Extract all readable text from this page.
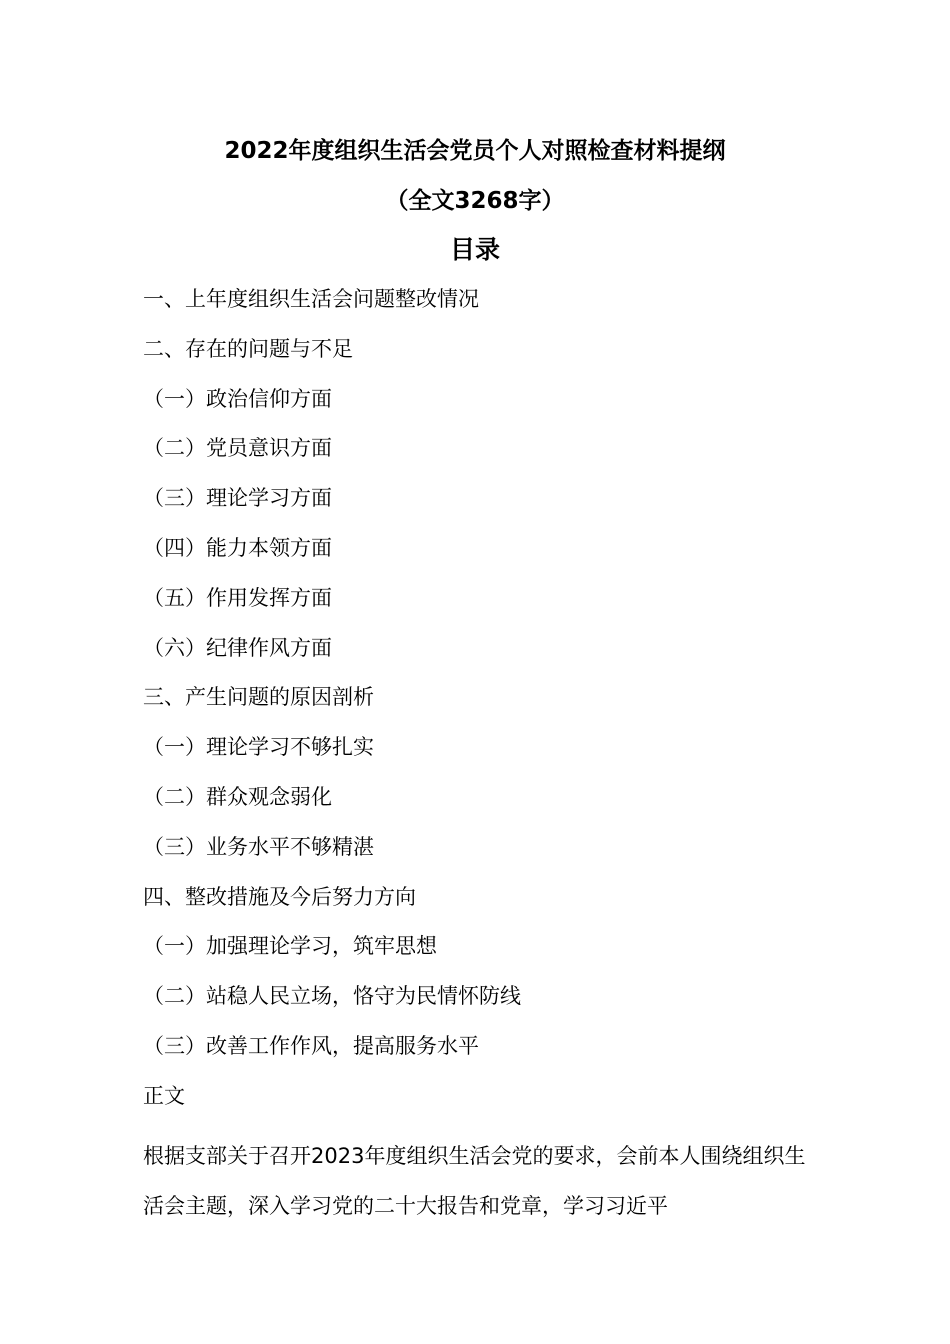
2022年度组织生活会党员个人对照检查材料提纲
（全文3268字）
目录
一、上年度组织生活会问题整改情况
二、存在的问题与不足
（一）政治信仰方面
（二）党员意识方面
（三）理论学习方面
（四）能力本领方面
（五）作用发挥方面
（六）纪律作风方面
三、产生问题的原因剖析
（一）理论学习不够扎实
（二）群众观念弱化
（三）业务水平不够精湛
四、整改措施及今后努力方向
（一）加强理论学习，筑牢思想
（二）站稳人民立场，恪守为民情怀防线
（三）改善工作作风，提高服务水平
正文

根据支部关于召开2023年度组织生活会党的要求，会前本人围绕组织生活会主题，深入学习党的二十大报告和党章，学习习近平
